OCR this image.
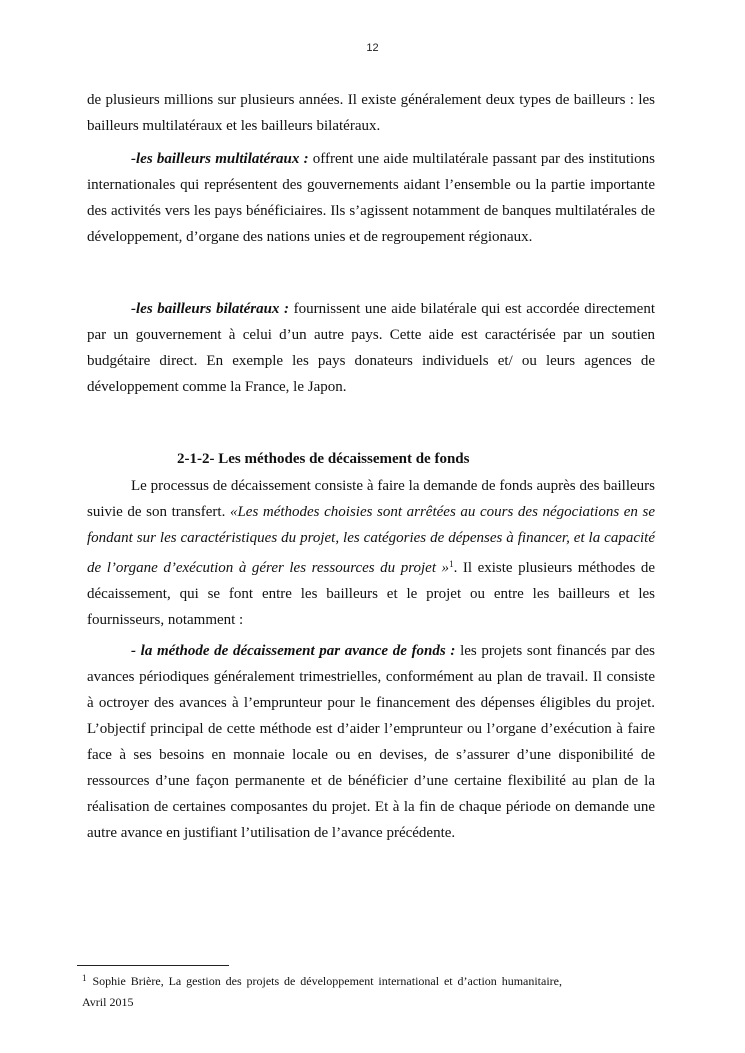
12

de plusieurs millions sur plusieurs années. Il existe généralement deux types de bailleurs : les bailleurs multilatéraux et les bailleurs bilatéraux.

-les bailleurs multilatéraux : offrent une aide multilatérale passant par des institutions internationales qui représentent des gouvernements aidant l’ensemble ou la partie importante des activités vers les pays bénéficiaires. Ils s’agissent notamment de banques multilatérales de développement, d’organe des nations unies et de regroupement régionaux.

-les bailleurs bilatéraux : fournissent une aide bilatérale qui est accordée directement par un gouvernement à celui d’un autre pays. Cette aide est caractérisée par un soutien budgétaire direct. En exemple les pays donateurs individuels et/ ou leurs agences de développement comme la France, le Japon.

2-1-2- Les méthodes de décaissement de fonds

Le processus de décaissement consiste à faire la demande de fonds auprès des bailleurs suivie de son transfert. «Les méthodes choisies sont arrêtées au cours des négociations en se fondant sur les caractéristiques du projet, les catégories de dépenses à financer, et la capacité de l’organe d’exécution à gérer les ressources du projet »$^1$. Il existe plusieurs méthodes de décaissement, qui se font entre les bailleurs et le projet ou entre les bailleurs et les fournisseurs, notamment :

- la méthode de décaissement par avance de fonds : les projets sont financés par des avances périodiques généralement trimestrielles, conformément au plan de travail. Il consiste à octroyer des avances à l’emprunteur pour le financement des dépenses éligibles du projet. L’objectif principal de cette méthode est d’aider l’emprunteur ou l’organe d’exécution à faire face à ses besoins en monnaie locale ou en devises, de s’assurer d’une disponibilité de ressources d’une façon permanente et de bénéficier d’une certaine flexibilité au plan de la réalisation de certaines composantes du projet. Et à la fin de chaque période on demande une autre avance en justifiant l’utilisation de l’avance précédente.

$^1$ Sophie Brière, La gestion des projets de développement international et d’action humanitaire, Avril 2015
